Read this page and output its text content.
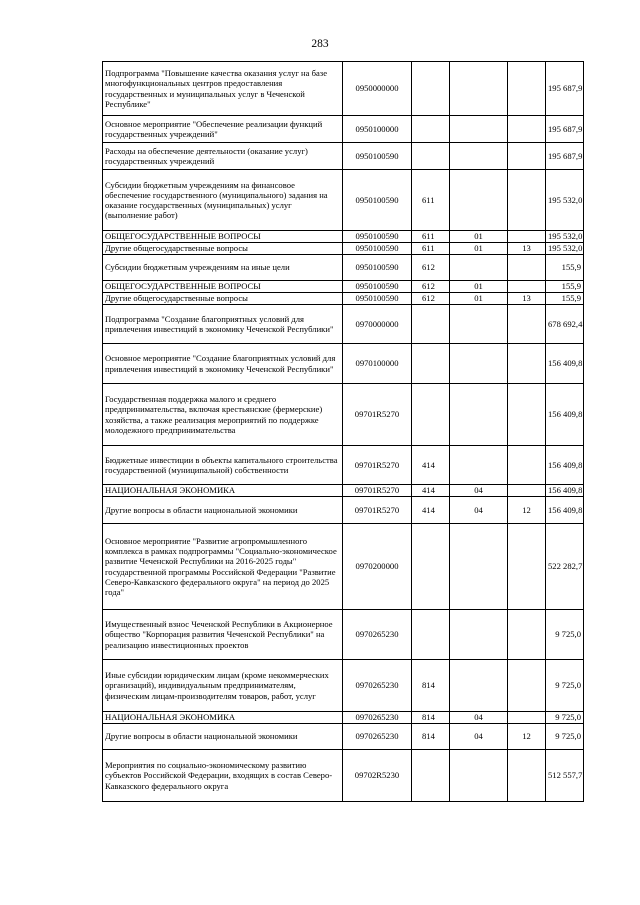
283
Подпрограмма "Повышение качества оказания услуг на базе многофункциональных центров предоставления государственных и муниципальных услуг в Чеченской Республике"	0950000000				195 687,9
Основное мероприятие "Обеспечение реализации функций государственных учреждений"	0950100000				195 687,9
Расходы на обеспечение деятельности (оказание услуг) государственных учреждений	0950100590				195 687,9
Субсидии бюджетным учреждениям на финансовое обеспечение государственного (муниципального) задания на оказание государственных (муниципальных) услуг (выполнение работ)	0950100590	611			195 532,0
ОБЩЕГОСУДАРСТВЕННЫЕ ВОПРОСЫ	0950100590	611	01		195 532,0
Другие общегосударственные вопросы	0950100590	611	01	13	195 532,0
Субсидии бюджетным учреждениям на иные цели	0950100590	612			155,9
ОБЩЕГОСУДАРСТВЕННЫЕ ВОПРОСЫ	0950100590	612	01		155,9
Другие общегосударственные вопросы	0950100590	612	01	13	155,9
Подпрограмма "Создание благоприятных условий для привлечения инвестиций в экономику Чеченской Республики"	0970000000				678 692,4
Основное мероприятие "Создание благоприятных условий для привлечения инвестиций в экономику Чеченской Республики"	0970100000				156 409,8
Государственная поддержка малого и среднего предпринимательства, включая крестьянские (фермерские) хозяйства, а также реализация мероприятий по поддержке молодежного предпринимательства	09701R5270				156 409,8
Бюджетные инвестиции в объекты капитального строительства государственной (муниципальной) собственности	09701R5270	414			156 409,8
НАЦИОНАЛЬНАЯ ЭКОНОМИКА	09701R5270	414	04		156 409,8
Другие вопросы в области национальной экономики	09701R5270	414	04	12	156 409,8
Основное мероприятие "Развитие агропромышленного комплекса в рамках подпрограммы "Социально-экономическое развитие Чеченской Республики на 2016-2025 годы" государственной программы Российской Федерации "Развитие Северо-Кавказского федерального округа" на период до 2025 года"	0970200000				522 282,7
Имущественный взнос Чеченской Республики в Акционерное общество "Корпорация развития Чеченской Республики" на реализацию инвестиционных проектов	0970265230				9 725,0
Иные субсидии юридическим лицам (кроме некоммерческих организаций), индивидуальным предпринимателям, физическим лицам-производителям товаров, работ, услуг	0970265230	814			9 725,0
НАЦИОНАЛЬНАЯ ЭКОНОМИКА	0970265230	814	04		9 725,0
Другие вопросы в области национальной экономики	0970265230	814	04	12	9 725,0
Мероприятия по социально-экономическому развитию субъектов Российской Федерации, входящих в состав Северо-Кавказского федерального округа	09702R5230				512 557,7
